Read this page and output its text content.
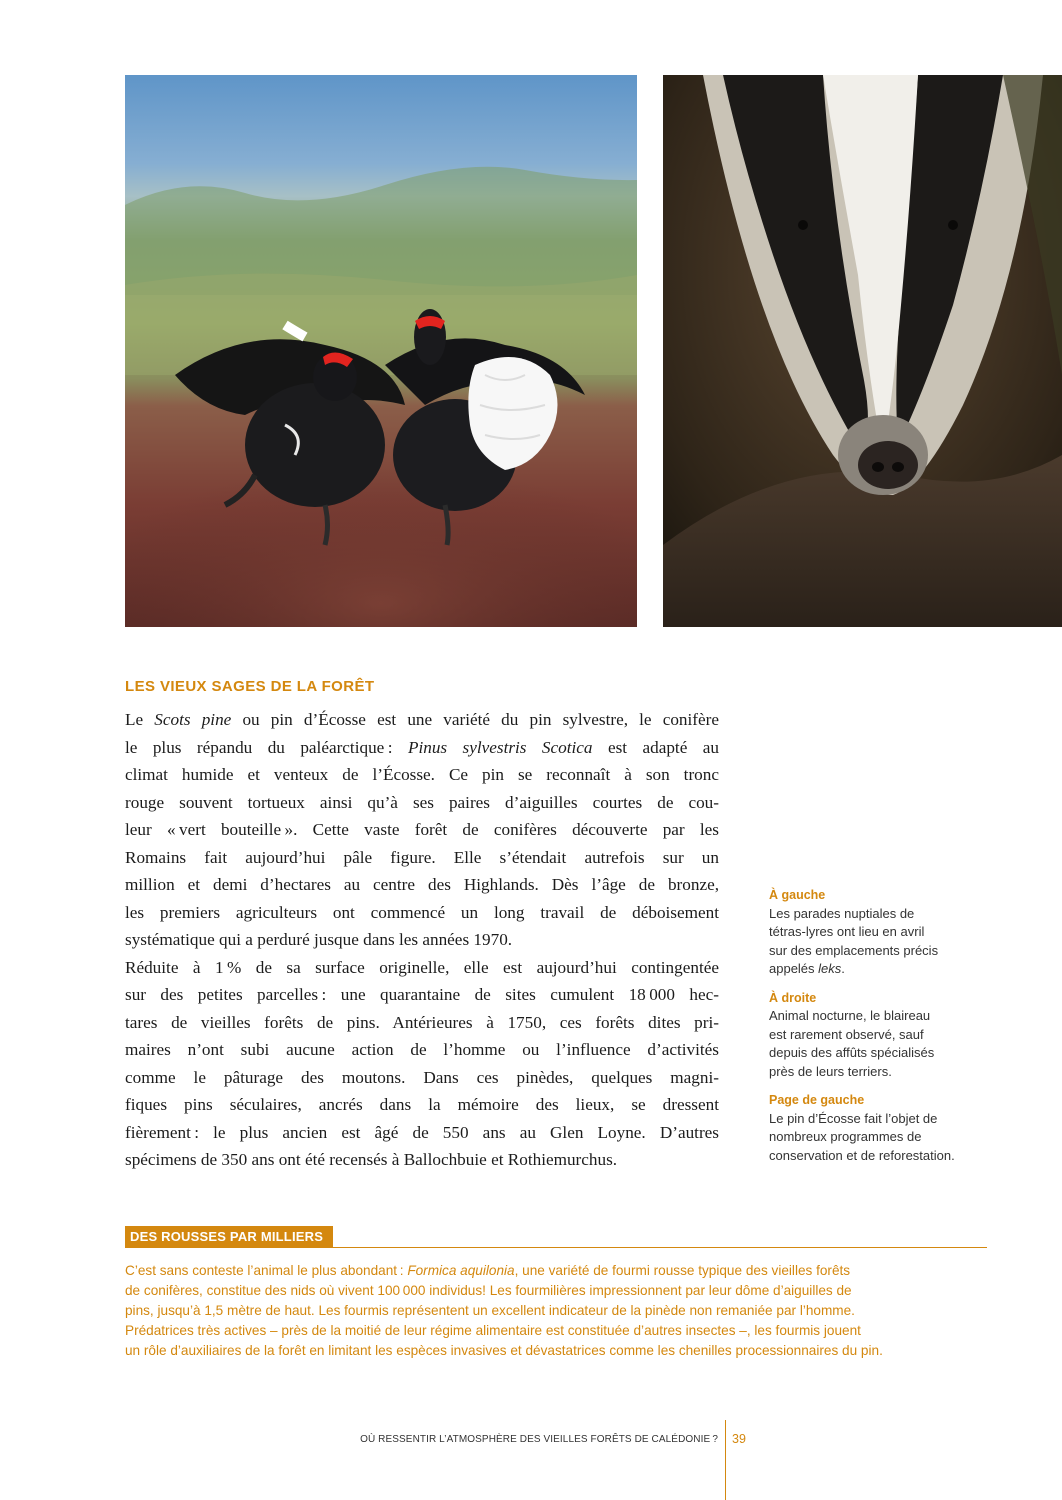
LES VIEUX SAGES DE LA FORÊT
Le Scots pine ou pin d’Écosse est une variété du pin sylvestre, le conifère
le plus répandu du paléarctique : Pinus sylvestris Scotica est adapté au
climat humide et venteux de l’Écosse. Ce pin se reconnaît à son tronc
rouge souvent tortueux ainsi qu’à ses paires d’aiguilles courtes de cou-
leur « vert bouteille ». Cette vaste forêt de conifères découverte par les
Romains fait aujourd’hui pâle figure. Elle s’étendait autrefois sur un
million et demi d’hectares au centre des Highlands. Dès l’âge de bronze,
les premiers agriculteurs ont commencé un long travail de déboisement
systématique qui a perduré jusque dans les années 1970.
Réduite à 1 % de sa surface originelle, elle est aujourd’hui contingentée
sur des petites parcelles : une quarantaine de sites cumulent 18 000 hec-
tares de vieilles forêts de pins. Antérieures à 1750, ces forêts dites pri-
maires n’ont subi aucune action de l’homme ou l’influence d’activités
comme le pâturage des moutons. Dans ces pinèdes, quelques magni-
fiques pins séculaires, ancrés dans la mémoire des lieux, se dressent
fièrement : le plus ancien est âgé de 550 ans au Glen Loyne. D’autres
spécimens de 350 ans ont été recensés à Ballochbuie et Rothiemurchus.
À gauche
Les parades nuptiales de
tétras-lyres ont lieu en avril
sur des emplacements précis
appelés leks.
À droite
Animal nocturne, le blaireau
est rarement observé, sauf
depuis des affûts spécialisés
près de leurs terriers.
Page de gauche
Le pin d’Écosse fait l’objet de
nombreux programmes de
conservation et de reforestation.
DES ROUSSES PAR MILLIERS
C’est sans conteste l’animal le plus abondant : Formica aquilonia, une variété de fourmi rousse typique des vieilles forêts
de conifères, constitue des nids où vivent 100 000 individus! Les fourmilières impressionnent par leur dôme d’aiguilles de
pins, jusqu’à 1,5 mètre de haut. Les fourmis représentent un excellent indicateur de la pinède non remaniée par l’homme.
Prédatrices très actives – près de la moitié de leur régime alimentaire est constituée d’autres insectes –, les fourmis jouent
un rôle d’auxiliaires de la forêt en limitant les espèces invasives et dévastatrices comme les chenilles processionnaires du pin.
OÙ RESSENTIR L’ATMOSPHÈRE DES VIEILLES FORÊTS DE CALÉDONIE ? 39
